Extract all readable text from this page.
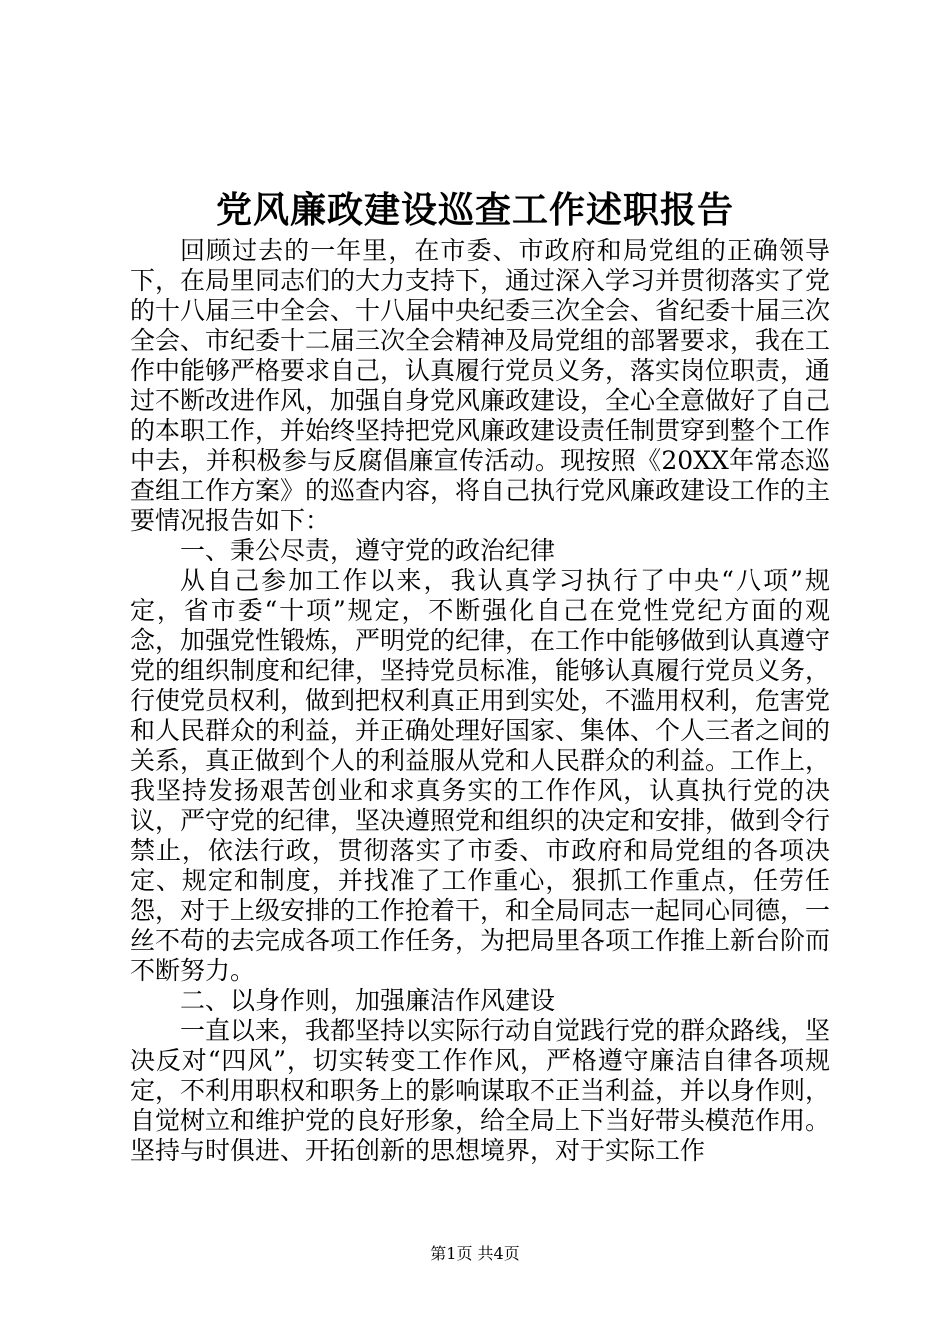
党风廉政建设巡查工作述职报告

回顾过去的一年里，在市委、市政府和局党组的正确领导下，在局里同志们的大力支持下，通过深入学习并贯彻落实了党的十八届三中全会、十八届中央纪委三次全会、省纪委十届三次全会、市纪委十二届三次全会精神及局党组的部署要求，我在工作中能够严格要求自己，认真履行党员义务，落实岗位职责，通过不断改进作风，加强自身党风廉政建设，全心全意做好了自己的本职工作，并始终坚持把党风廉政建设责任制贯穿到整个工作中去，并积极参与反腐倡廉宣传活动。现按照《20XX年常态巡查组工作方案》的巡查内容，将自己执行党风廉政建设工作的主要情况报告如下：

一、秉公尽责，遵守党的政治纪律

从自己参加工作以来，我认真学习执行了中央“八项”规定，省市委“十项”规定，不断强化自己在党性党纪方面的观念，加强党性锻炼，严明党的纪律，在工作中能够做到认真遵守党的组织制度和纪律，坚持党员标准，能够认真履行党员义务，行使党员权利，做到把权利真正用到实处，不滥用权利，危害党和人民群众的利益，并正确处理好国家、集体、个人三者之间的关系，真正做到个人的利益服从党和人民群众的利益。工作上，我坚持发扬艰苦创业和求真务实的工作作风，认真执行党的决议，严守党的纪律，坚决遵照党和组织的决定和安排，做到令行禁止，依法行政，贯彻落实了市委、市政府和局党组的各项决定、规定和制度，并找准了工作重心，狠抓工作重点，任劳任怨，对于上级安排的工作抢着干，和全局同志一起同心同德，一丝不苟的去完成各项工作任务，为把局里各项工作推上新台阶而不断努力。

二、以身作则，加强廉洁作风建设

一直以来，我都坚持以实际行动自觉践行党的群众路线，坚决反对“四风”，切实转变工作作风，严格遵守廉洁自律各项规定，不利用职权和职务上的影响谋取不正当利益，并以身作则，自觉树立和维护党的良好形象，给全局上下当好带头模范作用。坚持与时俱进、开拓创新的思想境界，对于实际工作

第1页 共4页
